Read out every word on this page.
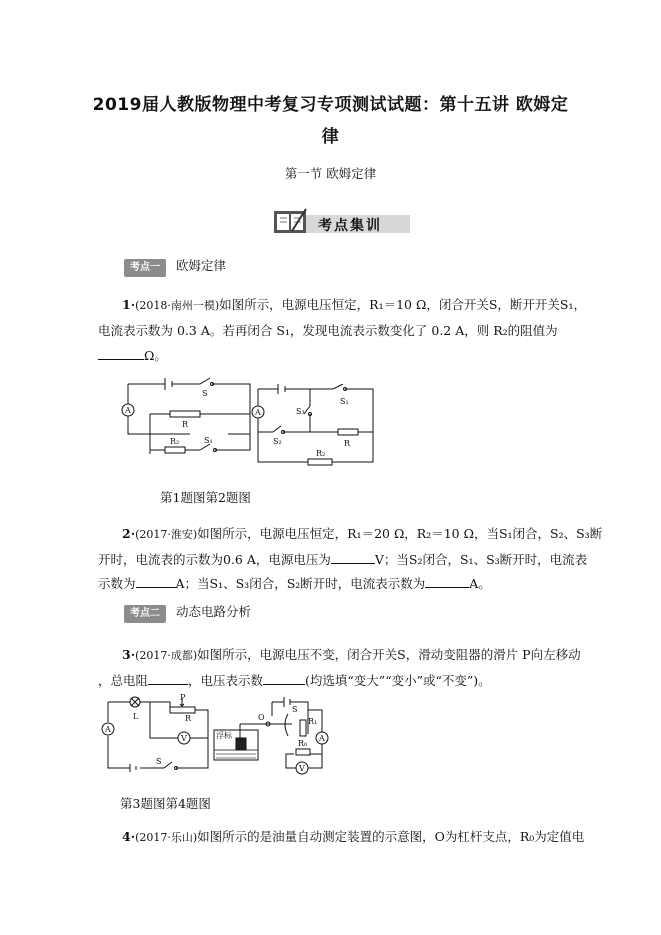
2019届人教版物理中考复习专项测试试题：第十五讲 欧姆定
律
第一节 欧姆定律
考点集训
考点一 欧姆定律
1·(2018·南州一模)如图所示，电源电压恒定，R₁＝10 Ω，闭合开关S，断开开关S₁，
电流表示数为 0.3 A。若再闭合 S₁，发现电流表示数变化了 0.2 A，则 R₂的阻值为
Ω。
A
S
R
R₂	S₁
A
S₁
S₃
S₂	R
R₂
第1题图第2题图
2·(2017·淮安)如图所示，电源电压恒定，R₁＝20 Ω，R₂＝10 Ω，当S₁闭合，S₂、S₃断
开时，电流表的示数为0.6 A，电源电压为	V；当S₂闭合，S₁、S₃断开时，电流表
示数为	A；当S₁、S₃闭合，S₂断开时，电流表示数为	A。
考点二 动态电路分析
3·(2017·成都)如图所示，电源电压不变，闭合开关S，滑动变阻器的滑片 P向左移动
，总电阻	，电压表示数	(均选填“变大”“变小”或“不变”)。
A
L
P
R
V
S
S
O
浮标
R₁
R₀
A
V
第3题图第4题图
4·(2017·乐山)如图所示的是油量自动测定装置的示意图，O为杠杆支点，R₀为定值电
